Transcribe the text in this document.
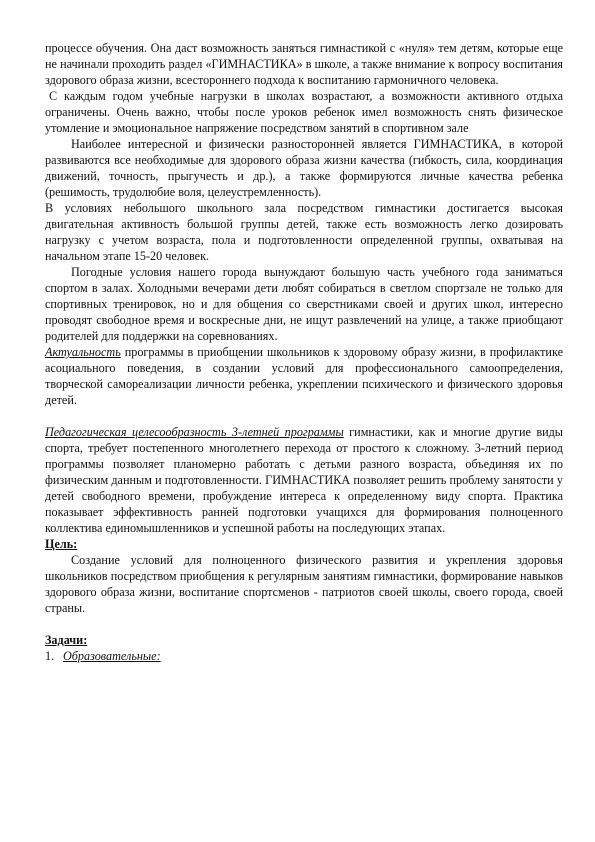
процессе обучения. Она даст возможность заняться гимнастикой с «нуля» тем детям, которые еще не начинали проходить раздел «ГИМНАСТИКА» в школе, а также внимание к вопросу воспитания здорового образа жизни, всестороннего подхода к воспитанию гармоничного человека.

С каждым годом учебные нагрузки в школах возрастают, а возможности активного отдыха ограничены. Очень важно, чтобы после уроков ребенок имел возможность снять физическое утомление и эмоциональное напряжение посредством занятий в спортивном зале

Наиболее интересной и физически разносторонней является ГИМНАСТИКА, в которой развиваются все необходимые для здорового образа жизни качества (гибкость, сила, координация движений, точность, прыгучесть и др.), а также формируются личные качества ребенка (решимость, трудолюбие воля, целеустремленность).

В условиях небольшого школьного зала посредством гимнастики достигается высокая двигательная активность большой группы детей, также есть возможность легко дозировать нагрузку с учетом возраста, пола и подготовленности определенной группы, охватывая на начальном этапе 15-20 человек.

Погодные условия нашего города вынуждают большую часть учебного года заниматься спортом в залах. Холодными вечерами дети любят собираться в светлом спортзале не только для спортивных тренировок, но и для общения со сверстниками своей и других школ, интересно проводят свободное время и воскресные дни, не ищут развлечений на улице, а также приобщают родителей для поддержки на соревнованиях.

Актуальность программы в приобщении школьников к здоровому образу жизни, в профилактике асоциального поведения, в создании условий для профессионального самоопределения, творческой самореализации личности ребенка, укреплении психического и физического здоровья детей.

Педагогическая целесообразность 3-летней программы гимнастики, как и многие другие виды спорта, требует постепенного многолетнего перехода от простого к сложному. 3-летний период программы позволяет планомерно работать с детьми разного возраста, объединяя их по физическим данным и подготовленности. ГИМНАСТИКА позволяет решить проблему занятости у детей свободного времени, пробуждение интереса к определенному виду спорта. Практика показывает эффективность ранней подготовки учащихся для формирования полноценного коллектива единомышленников и успешной работы на последующих этапах.

Цель:

Создание условий для полноценного физического развития и укрепления здоровья школьников посредством приобщения к регулярным занятиям гимнастики, формирование навыков здорового образа жизни, воспитание спортсменов - патриотов своей школы, своего города, своей страны.

Задачи:

1. Образовательные:
